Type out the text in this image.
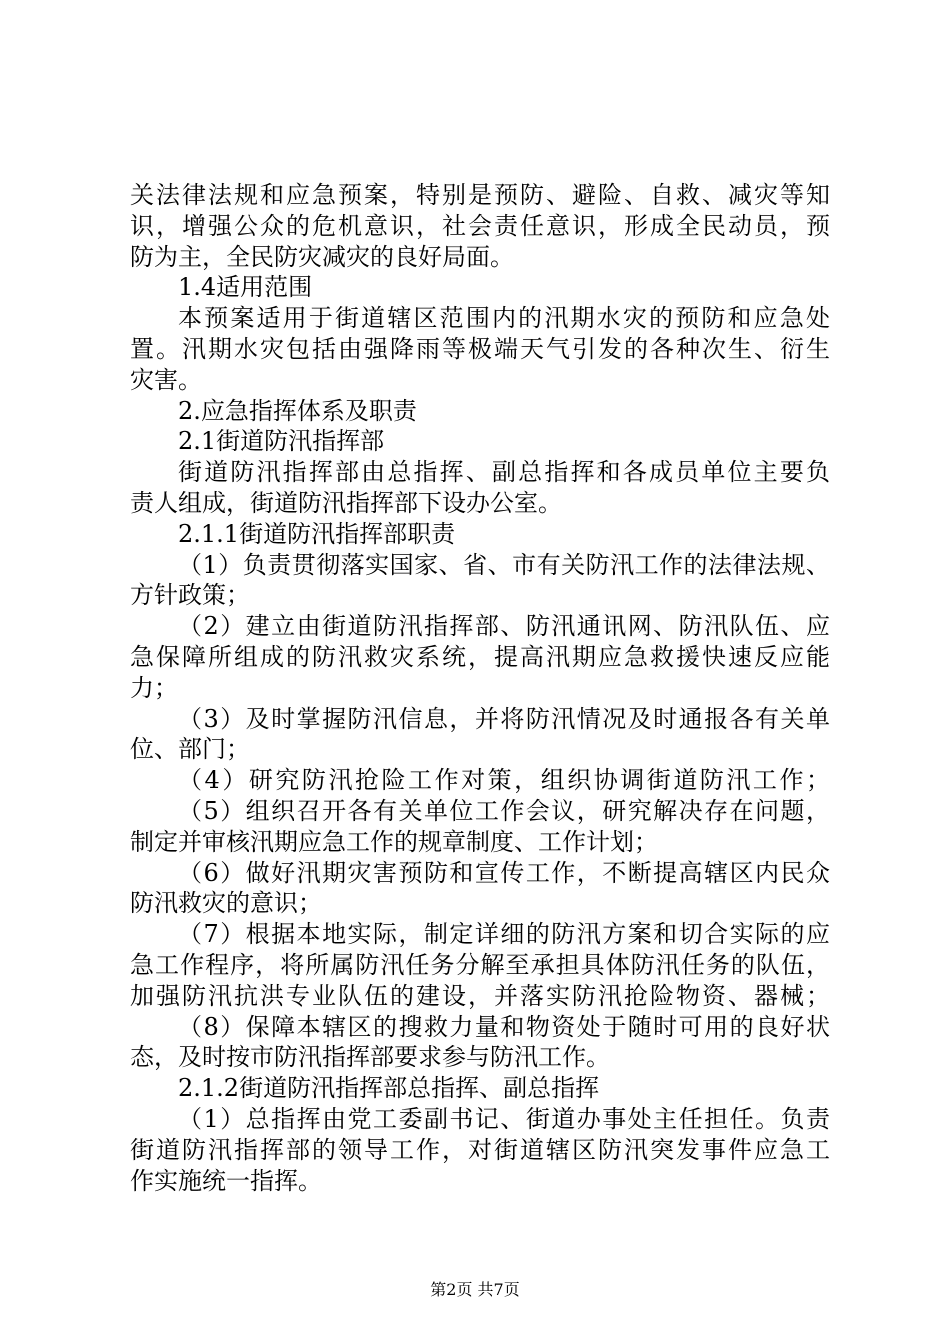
关法律法规和应急预案，特别是预防、避险、自救、减灾等知
识，增强公众的危机意识，社会责任意识，形成全民动员，预
防为主，全民防灾减灾的良好局面。
1.4适用范围
本预案适用于街道辖区范围内的汛期水灾的预防和应急处
置。汛期水灾包括由强降雨等极端天气引发的各种次生、衍生
灾害。
2.应急指挥体系及职责
2.1街道防汛指挥部
街道防汛指挥部由总指挥、副总指挥和各成员单位主要负
责人组成，街道防汛指挥部下设办公室。
2.1.1街道防汛指挥部职责
（1）负责贯彻落实国家、省、市有关防汛工作的法律法规、
方针政策；
（2）建立由街道防汛指挥部、防汛通讯网、防汛队伍、应
急保障所组成的防汛救灾系统，提高汛期应急救援快速反应能
力；
（3）及时掌握防汛信息，并将防汛情况及时通报各有关单
位、部门；
（4）研究防汛抢险工作对策，组织协调街道防汛工作；
（5）组织召开各有关单位工作会议，研究解决存在问题，
制定并审核汛期应急工作的规章制度、工作计划；
（6）做好汛期灾害预防和宣传工作，不断提高辖区内民众
防汛救灾的意识；
（7）根据本地实际，制定详细的防汛方案和切合实际的应
急工作程序，将所属防汛任务分解至承担具体防汛任务的队伍，
加强防汛抗洪专业队伍的建设，并落实防汛抢险物资、器械；
（8）保障本辖区的搜救力量和物资处于随时可用的良好状
态，及时按市防汛指挥部要求参与防汛工作。
2.1.2街道防汛指挥部总指挥、副总指挥
（1）总指挥由党工委副书记、街道办事处主任担任。负责
街道防汛指挥部的领导工作，对街道辖区防汛突发事件应急工
作实施统一指挥。
第2页 共7页
